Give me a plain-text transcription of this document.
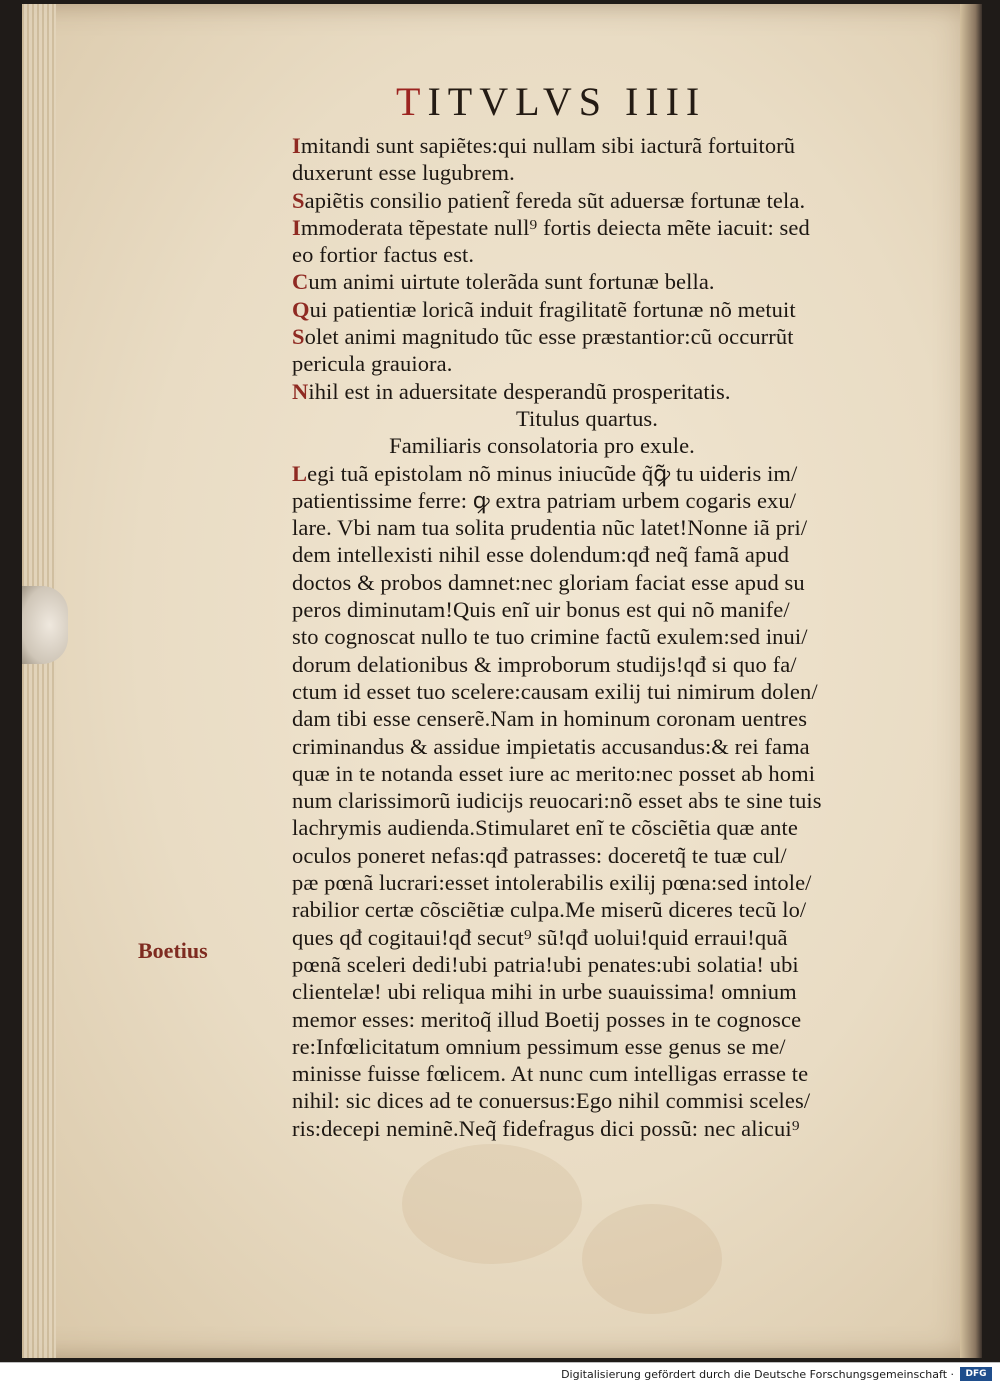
TITVLVS IIII
Imitandi sunt sapiẽtes:qui nullam sibi iacturã fortuitorũ
duxerunt esse lugubrem.
Sapiẽtis consilio patient̃ fereda sũt aduersæ fortunæ tela.
Immoderata tẽpestate null⁹ fortis deiecta mẽte iacuit: sed
eo fortior factus est.
Cum animi uirtute tolerãda sunt fortunæ bella.
Qui patientiæ loricã induit fragilitatẽ fortunæ nõ metuit
Solet animi magnitudo tũc esse præstantior:cũ occurrũt
pericula grauiora.
Nihil est in aduersitate desperandũ prosperitatis.
Titulus quartus.
Familiaris consolatoria pro exule.
Legi tuã epistolam nõ minus iniucũde q̃ꝙ̃ tu uideris im/
patientissime ferre: ꝙ extra patriam urbem cogaris exu/
lare. Vbi nam tua solita prudentia nũc latet!Nonne iã pri/
dem intellexisti nihil esse dolendum:qđ neq̃ famã apud
doctos & probos damnet:nec gloriam faciat esse apud su
peros diminutam!Quis enĩ uir bonus est qui nõ manife/
sto cognoscat nullo te tuo crimine factũ exulem:sed inui/
dorum delationibus & improborum studijs!qđ si quo fa/
ctum id esset tuo scelere:causam exilij tui nimirum dolen/
dam tibi esse censerẽ.Nam in hominum coronam uentres
criminandus & assidue impietatis accusandus:& rei fama
quæ in te notanda esset iure ac merito:nec posset ab homi
num clarissimorũ iudicijs reuocari:nõ esset abs te sine tuis
lachrymis audienda.Stimularet enĩ te cõsciẽtia quæ ante
oculos poneret nefas:qđ patrasses: doceretq̃ te tuæ cul/
pæ pœnã lucrari:esset intolerabilis exilij pœna:sed intole/
rabilior certæ cõsciẽtiæ culpa.Me miserũ diceres tecũ lo/
ques qđ cogitaui!qđ secut⁹ sũ!qđ uolui!quid erraui!quã
pœnã sceleri dedi!ubi patria!ubi penates:ubi solatia! ubi
clientelæ! ubi reliqua mihi in urbe suauissima! omnium
memor esses: meritoq̃ illud Boetij posses in te cognosce
re:Infœlicitatum omnium pessimum esse genus se me/
minisse fuisse fœlicem. At nunc cum intelligas errasse te
nihil: sic dices ad te conuersus:Ego nihil commisi sceles/
ris:decepi neminẽ.Neq̃ fidefragus dici possũ: nec alicui⁹
Boetius
Digitalisierung gefördert durch die Deutsche Forschungsgemeinschaft ·	DFG
